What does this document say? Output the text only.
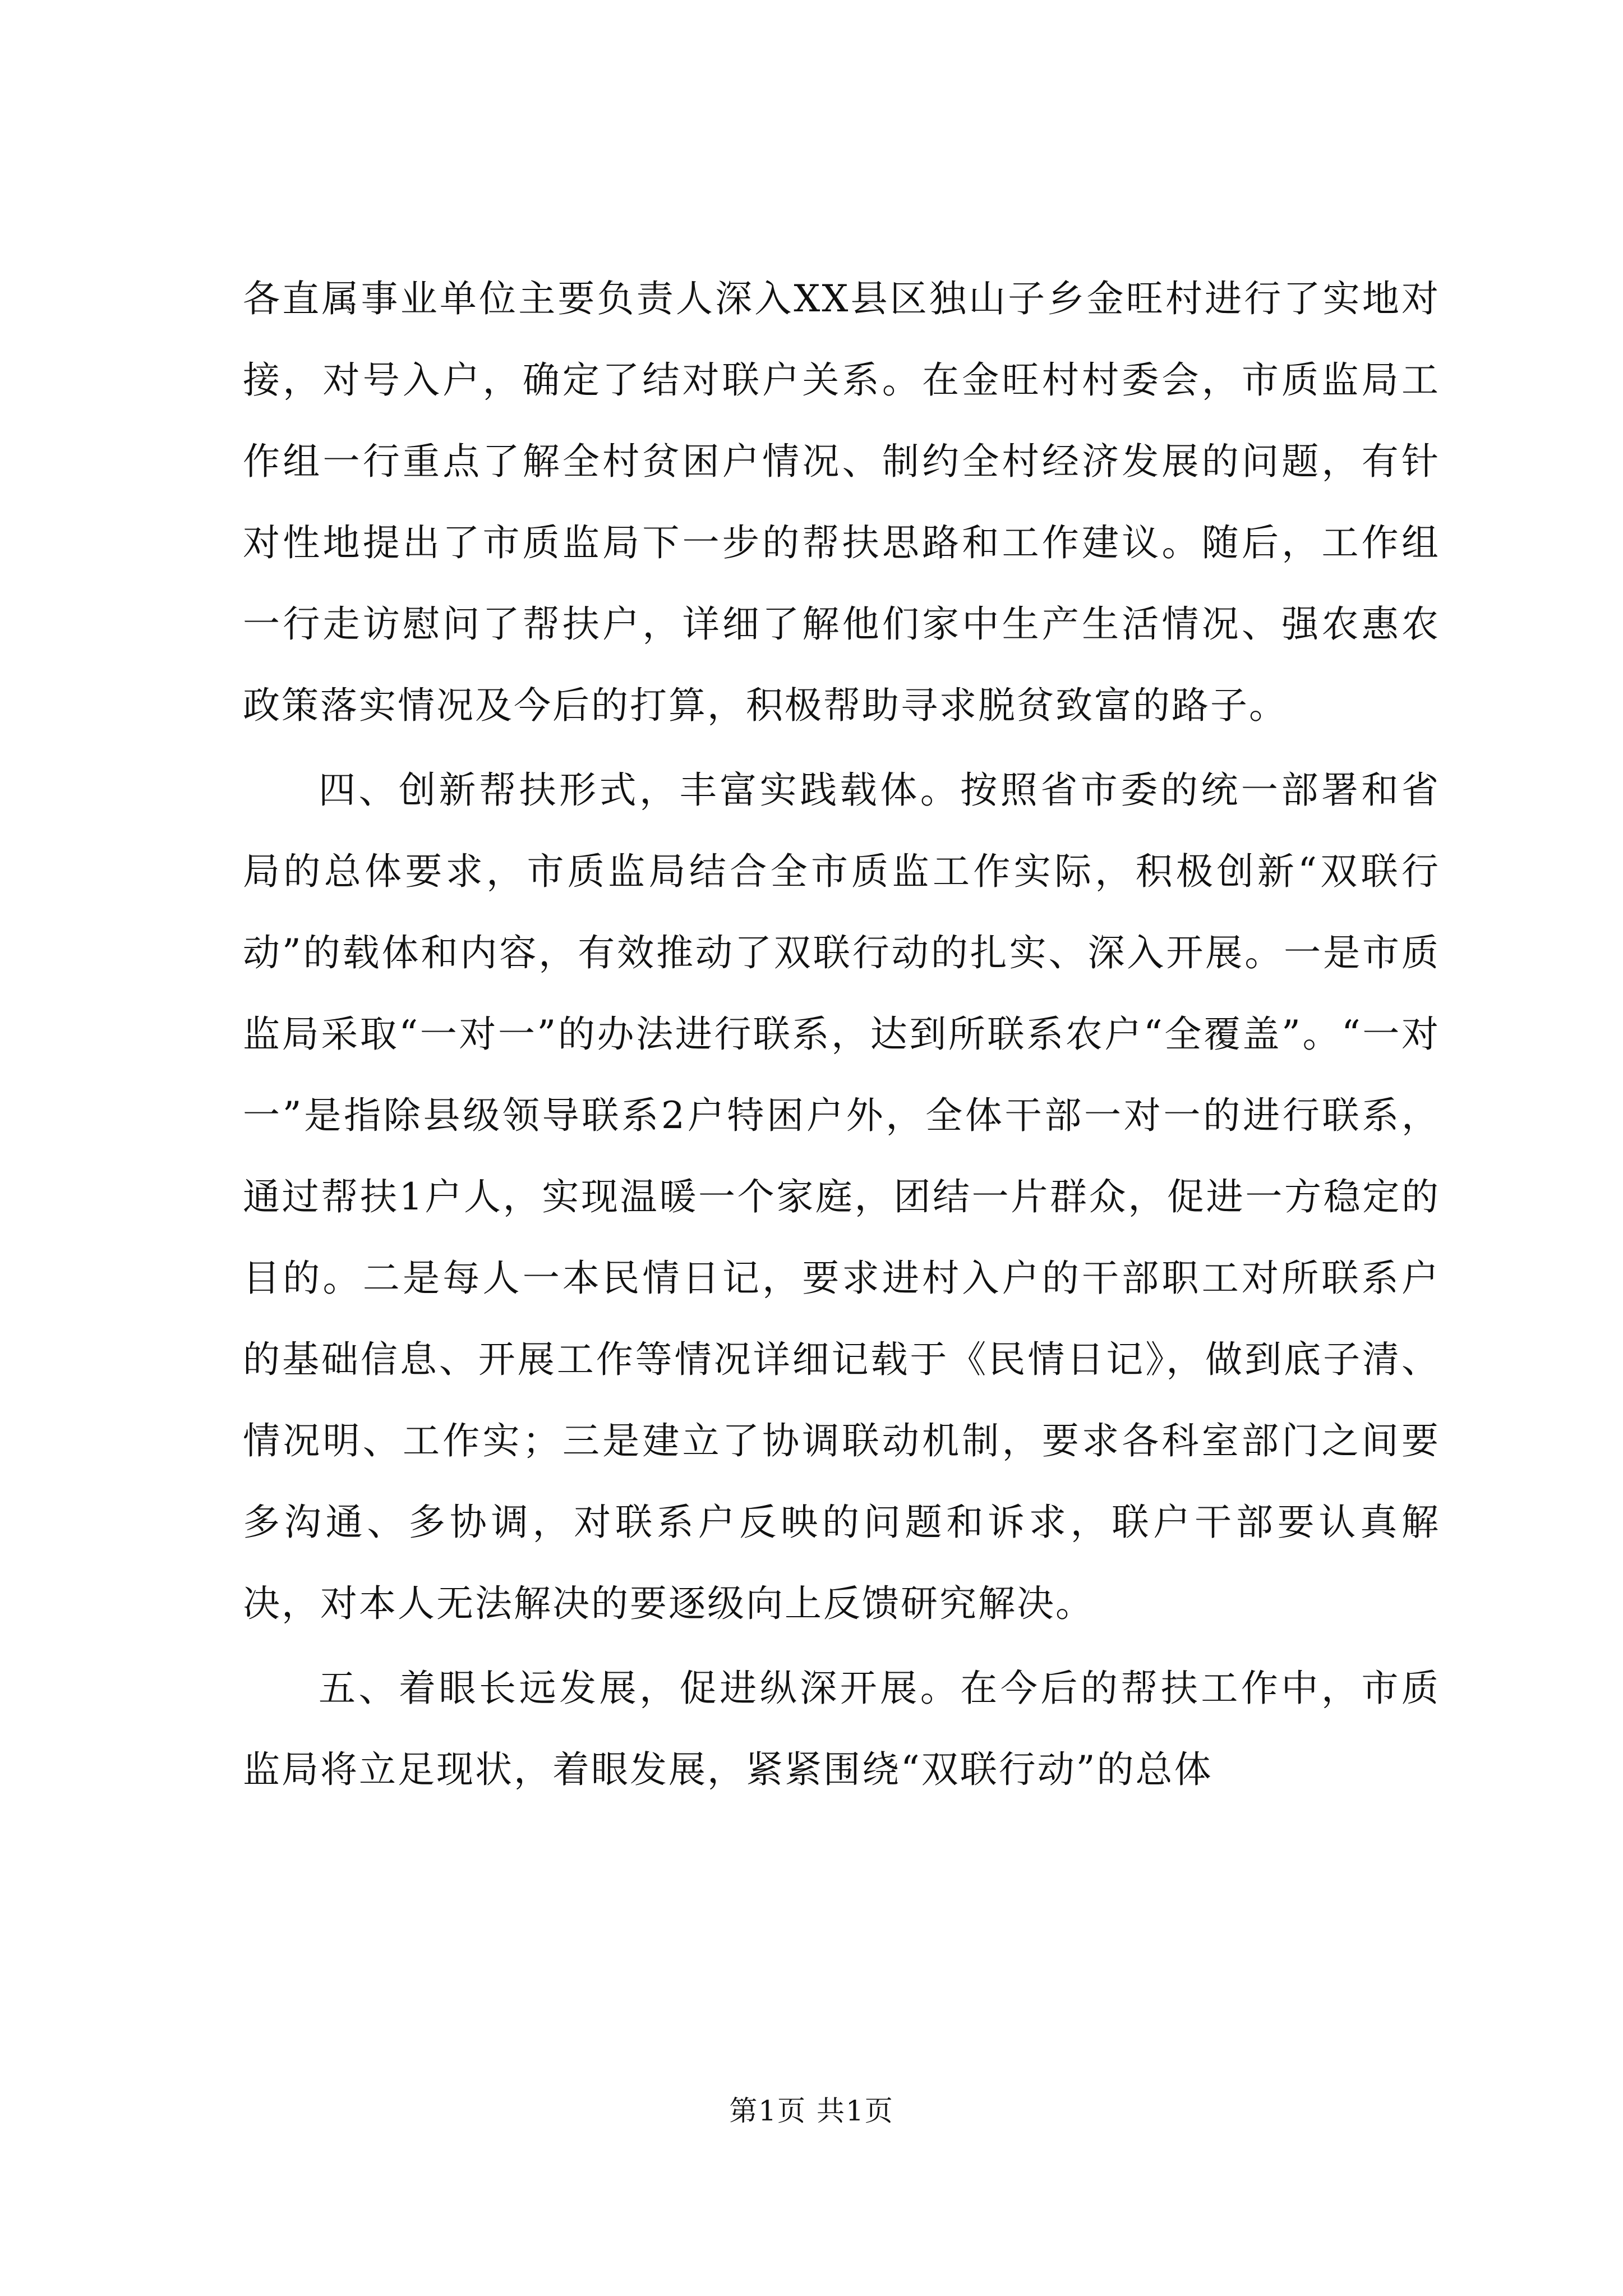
各直属事业单位主要负责人深入XX县区独山子乡金旺村进行了实地对接，对号入户，确定了结对联户关系。在金旺村村委会，市质监局工作组一行重点了解全村贫困户情况、制约全村经济发展的问题，有针对性地提出了市质监局下一步的帮扶思路和工作建议。随后，工作组一行走访慰问了帮扶户，详细了解他们家中生产生活情况、强农惠农政策落实情况及今后的打算，积极帮助寻求脱贫致富的路子。

四、创新帮扶形式，丰富实践载体。按照省市委的统一部署和省局的总体要求，市质监局结合全市质监工作实际，积极创新“双联行动”的载体和内容，有效推动了双联行动的扎实、深入开展。一是市质监局采取“一对一”的办法进行联系，达到所联系农户“全覆盖”。“一对一”是指除县级领导联系2户特困户外，全体干部一对一的进行联系，通过帮扶1户人，实现温暖一个家庭，团结一片群众，促进一方稳定的目的。二是每人一本民情日记，要求进村入户的干部职工对所联系户的基础信息、开展工作等情况详细记载于《民情日记》，做到底子清、情况明、工作实；三是建立了协调联动机制，要求各科室部门之间要多沟通、多协调，对联系户反映的问题和诉求，联户干部要认真解决，对本人无法解决的要逐级向上反馈研究解决。

五、着眼长远发展，促进纵深开展。在今后的帮扶工作中，市质监局将立足现状，着眼发展，紧紧围绕“双联行动”的总体

第1页 共1页
